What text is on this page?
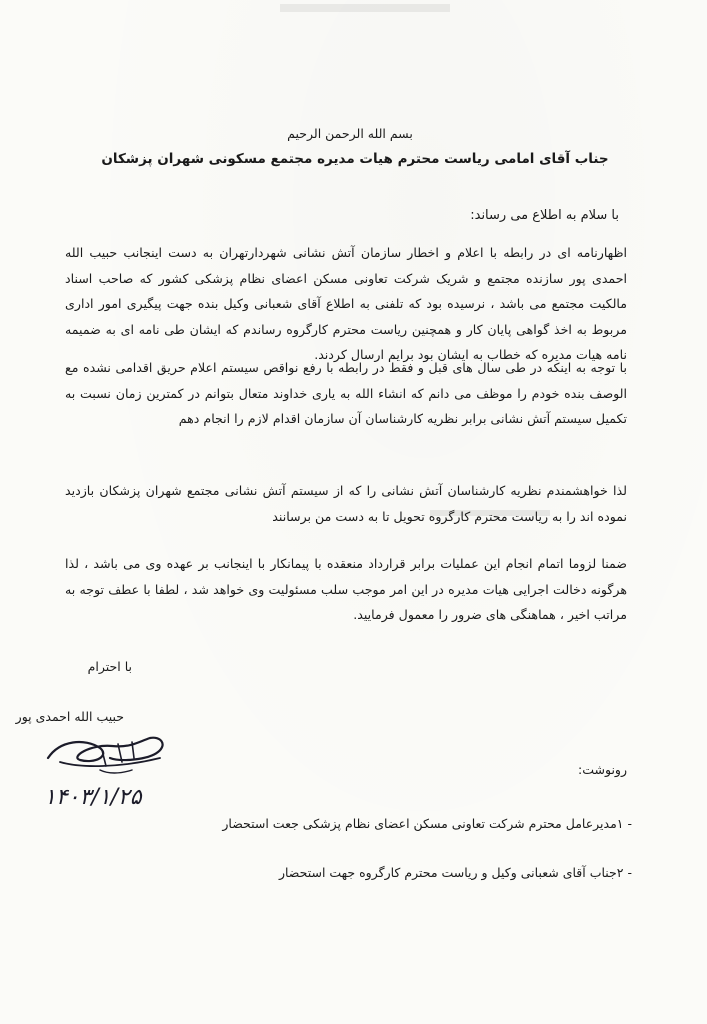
بسم الله الرحمن الرحیم
جناب آقای امامی ریاست محترم هیات مدیره مجتمع مسکونی شهران پزشکان
با سلام به اطلاع می رساند:
اظهارنامه ای در رابطه با اعلام و اخطار سازمان آتش نشانی شهردارتهران به دست اینجانب حبیب الله احمدی پور سازنده مجتمع و شریک شرکت تعاونی مسکن اعضای نظام پزشکی کشور که صاحب اسناد مالکیت مجتمع می باشد ، نرسیده بود که تلفنی به اطلاع آقای شعبانی وکیل بنده جهت پیگیری امور اداری مربوط به اخذ گواهی پایان کار و همچنین ریاست محترم کارگروه رساندم که ایشان طی نامه ای به ضمیمه نامه هیات مدیره که خطاب به ایشان بود برایم ارسال کردند.
با توجه به اینکه در طی سال های قبل و فقط در رابطه با رفع نواقص سیستم اعلام حریق اقدامی نشده مع الوصف بنده خودم را موظف می دانم که انشاء الله به یاری خداوند متعال بتوانم در کمترین زمان نسبت به تکمیل سیستم آتش نشانی برابر نظریه کارشناسان آن سازمان اقدام لازم را انجام دهم
لذا خواهشمندم نظریه کارشناسان آتش نشانی را که از سیستم آتش نشانی مجتمع شهران پزشکان بازدید نموده اند را به ریاست محترم کارگروه تحویل تا به دست من برسانند
ضمنا لزوما اتمام انجام این عملیات برابر قرارداد منعقده با پیمانکار با اینجانب بر عهده وی می باشد ، لذا هرگونه دخالت اجرایی هیات مدیره در این امر موجب سلب مسئولیت وی خواهد شد ، لطفا با عطف توجه به مراتب اخیر ، هماهنگی های ضرور را معمول فرمایید.
با احترام
حبیب الله احمدی پور
۱۴۰۳/۱/۲۵
رونوشت:
- ۱مدیرعامل محترم شرکت تعاونی مسکن اعضای نظام پزشکی جعت استحضار
- ۲جناب آقای شعبانی وکیل و ریاست محترم کارگروه جهت استحضار
